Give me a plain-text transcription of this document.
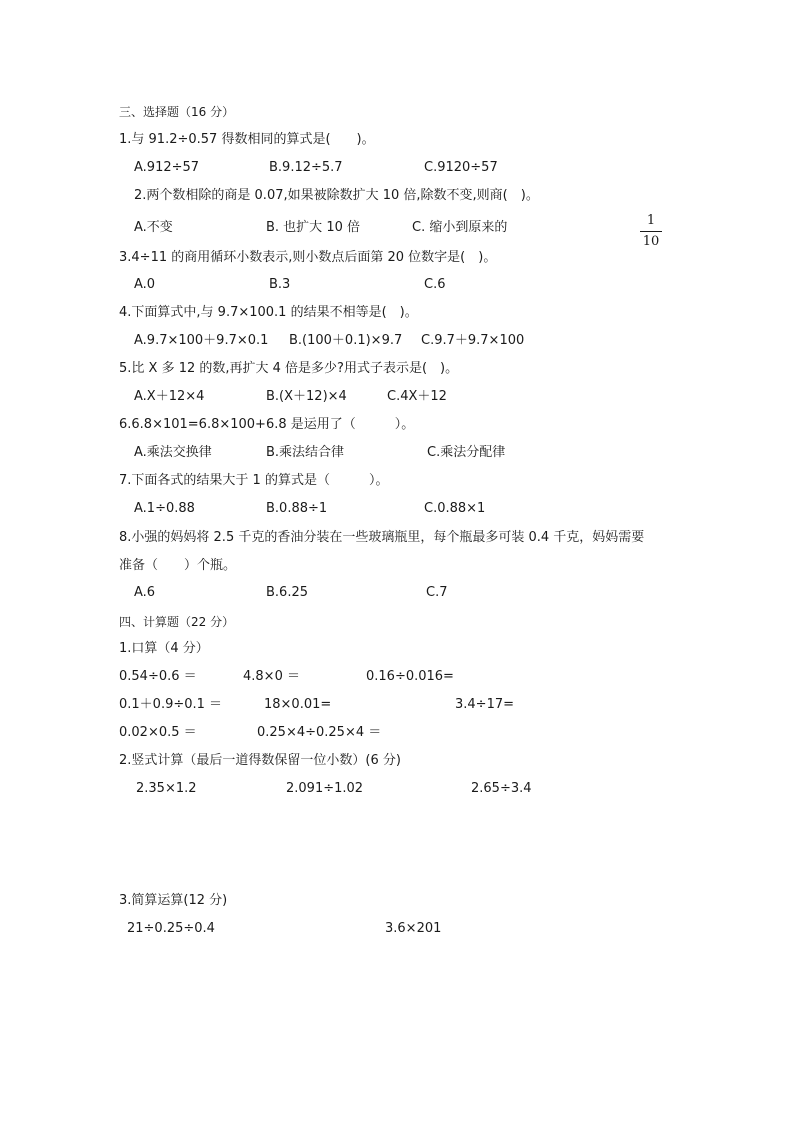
三、选择题（16 分）
1.与 91.2÷0.57 得数相同的算式是(　　)。
A.912÷57	B.9.12÷5.7	C.9120÷57
2.两个数相除的商是 0.07,如果被除数扩大 10 倍,除数不变,则商(　)。
A.不变	B. 也扩大 10 倍	C. 缩小到原来的	1
10
3.4÷11 的商用循环小数表示,则小数点后面第 20 位数字是(　)。
A.0	B.3	C.6
4.下面算式中,与 9.7×100.1 的结果不相等是(　)。
A.9.7×100＋9.7×0.1 B.(100＋0.1)×9.7 C.9.7＋9.7×100
5.比 X 多 12 的数,再扩大 4 倍是多少?用式子表示是(　)。
A.X＋12×4	B.(X＋12)×4	C.4X＋12
6.6.8×101=6.8×100+6.8 是运用了（　　　）。
A.乘法交换律	B.乘法结合律	C.乘法分配律
7.下面各式的结果大于 1 的算式是（　　　）。
A.1÷0.88	B.0.88÷1	C.0.88×1
8.小强的妈妈将 2.5 千克的香油分装在一些玻璃瓶里，每个瓶最多可装 0.4 千克，妈妈需要
准备（　　）个瓶。
A.6	B.6.25	C.7
四、计算题（22 分）
1.口算（4 分）
0.54÷0.6 ＝	4.8×0 ＝	0.16÷0.016=
0.1＋0.9÷0.1 ＝	18×0.01=	3.4÷17=
0.02×0.5 ＝	0.25×4÷0.25×4 ＝
2.竖式计算（最后一道得数保留一位小数）(6 分)
2.35×1.2	2.091÷1.02	2.65÷3.4
3.简算运算(12 分)
21÷0.25÷0.4	3.6×201
